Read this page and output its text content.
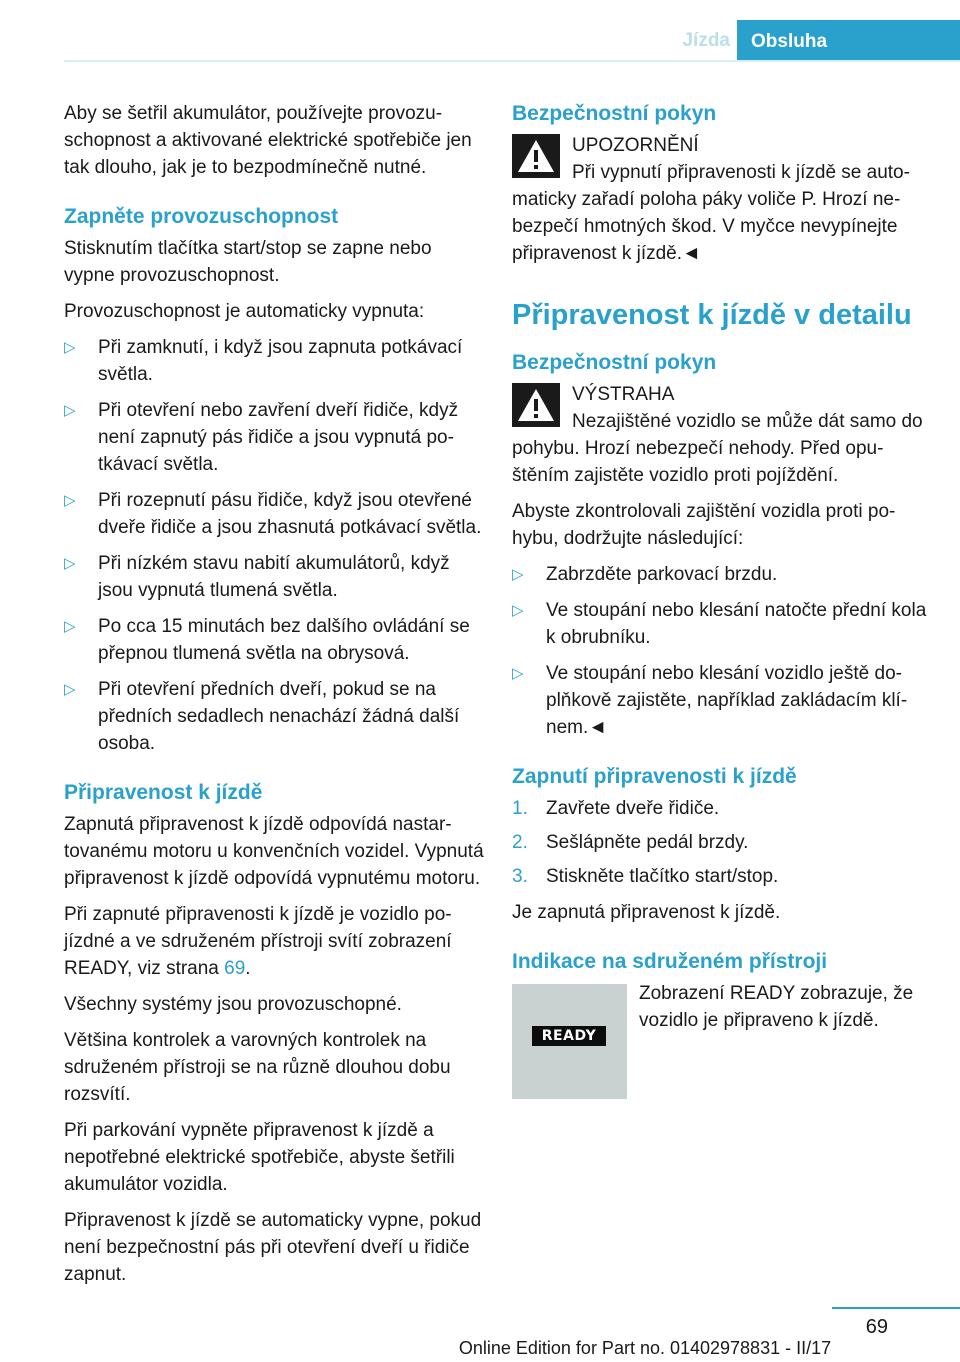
Jízda	Obsluha

Aby se šetřil akumulátor, používejte provozuschopnost a aktivované elektrické spotřebiče jen tak dlouho, jak je to bezpodmínečně nutné.

Zapněte provozuschopnost

Stisknutím tlačítka start/stop se zapne nebo vypne provozuschopnost.

Provozuschopnost je automaticky vypnuta:

▷ Při zamknutí, i když jsou zapnuta potkávací světla.
▷ Při otevření nebo zavření dveří řidiče, když není zapnutý pás řidiče a jsou vypnutá potkávací světla.
▷ Při rozepnutí pásu řidiče, když jsou otevřené dveře řidiče a jsou zhasnutá potkávací světla.
▷ Při nízkém stavu nabití akumulátorů, když jsou vypnutá tlumená světla.
▷ Po cca 15 minutách bez dalšího ovládání se přepnou tlumená světla na obrysová.
▷ Při otevření předních dveří, pokud se na předních sedadlech nenachází žádná další osoba.
Připravenost k jízdě

Zapnutá připravenost k jízdě odpovídá nastartovanému motoru u konvenčních vozidel. Vypnutá připravenost k jízdě odpovídá vypnutému motoru.

Při zapnuté připravenosti k jízdě je vozidlo pojízdné a ve sdruženém přístroji svítí zobrazení READY, viz strana 69.

Všechny systémy jsou provozuschopné.

Většina kontrolek a varovných kontrolek na sdruženém přístroji se na různě dlouhou dobu rozsvítí.

Při parkování vypněte připravenost k jízdě a nepotřebné elektrické spotřebiče, abyste šetřili akumulátor vozidla.

Připravenost k jízdě se automaticky vypne, pokud není bezpečnostní pás při otevření dveří u řidiče zapnut.

Bezpečnostní pokyn
UPOZORNĚNÍ
Při vypnutí připravenosti k jízdě se automaticky zařadí poloha páky voliče P. Hrozí nebezpečí hmotných škod. V myčce nevypínejte připravenost k jízdě.◄
Připravenost k jízdě v detailu
Bezpečnostní pokyn
VÝSTRAHA
Nezajištěné vozidlo se může dát samo do pohybu. Hrozí nebezpečí nehody. Před opuštěním zajistěte vozidlo proti pojíždění.

Abyste zkontrolovali zajištění vozidla proti pohybu, dodržujte následující:

▷ Zabrzděte parkovací brzdu.
▷ Ve stoupání nebo klesání natočte přední kola k obrubníku.
▷ Ve stoupání nebo klesání vozidlo ještě doplňkově zajistěte, například zakládacím klínem.◄
Zapnutí připravenosti k jízdě
1. Zavřete dveře řidiče.
2. Sešlápněte pedál brzdy.
3. Stiskněte tlačítko start/stop.

Je zapnutá připravenost k jízdě.

Indikace na sdruženém přístroji
READY
Zobrazení READY zobrazuje, že vozidlo je připraveno k jízdě.
69
Online Edition for Part no. 01402978831 - II/17
